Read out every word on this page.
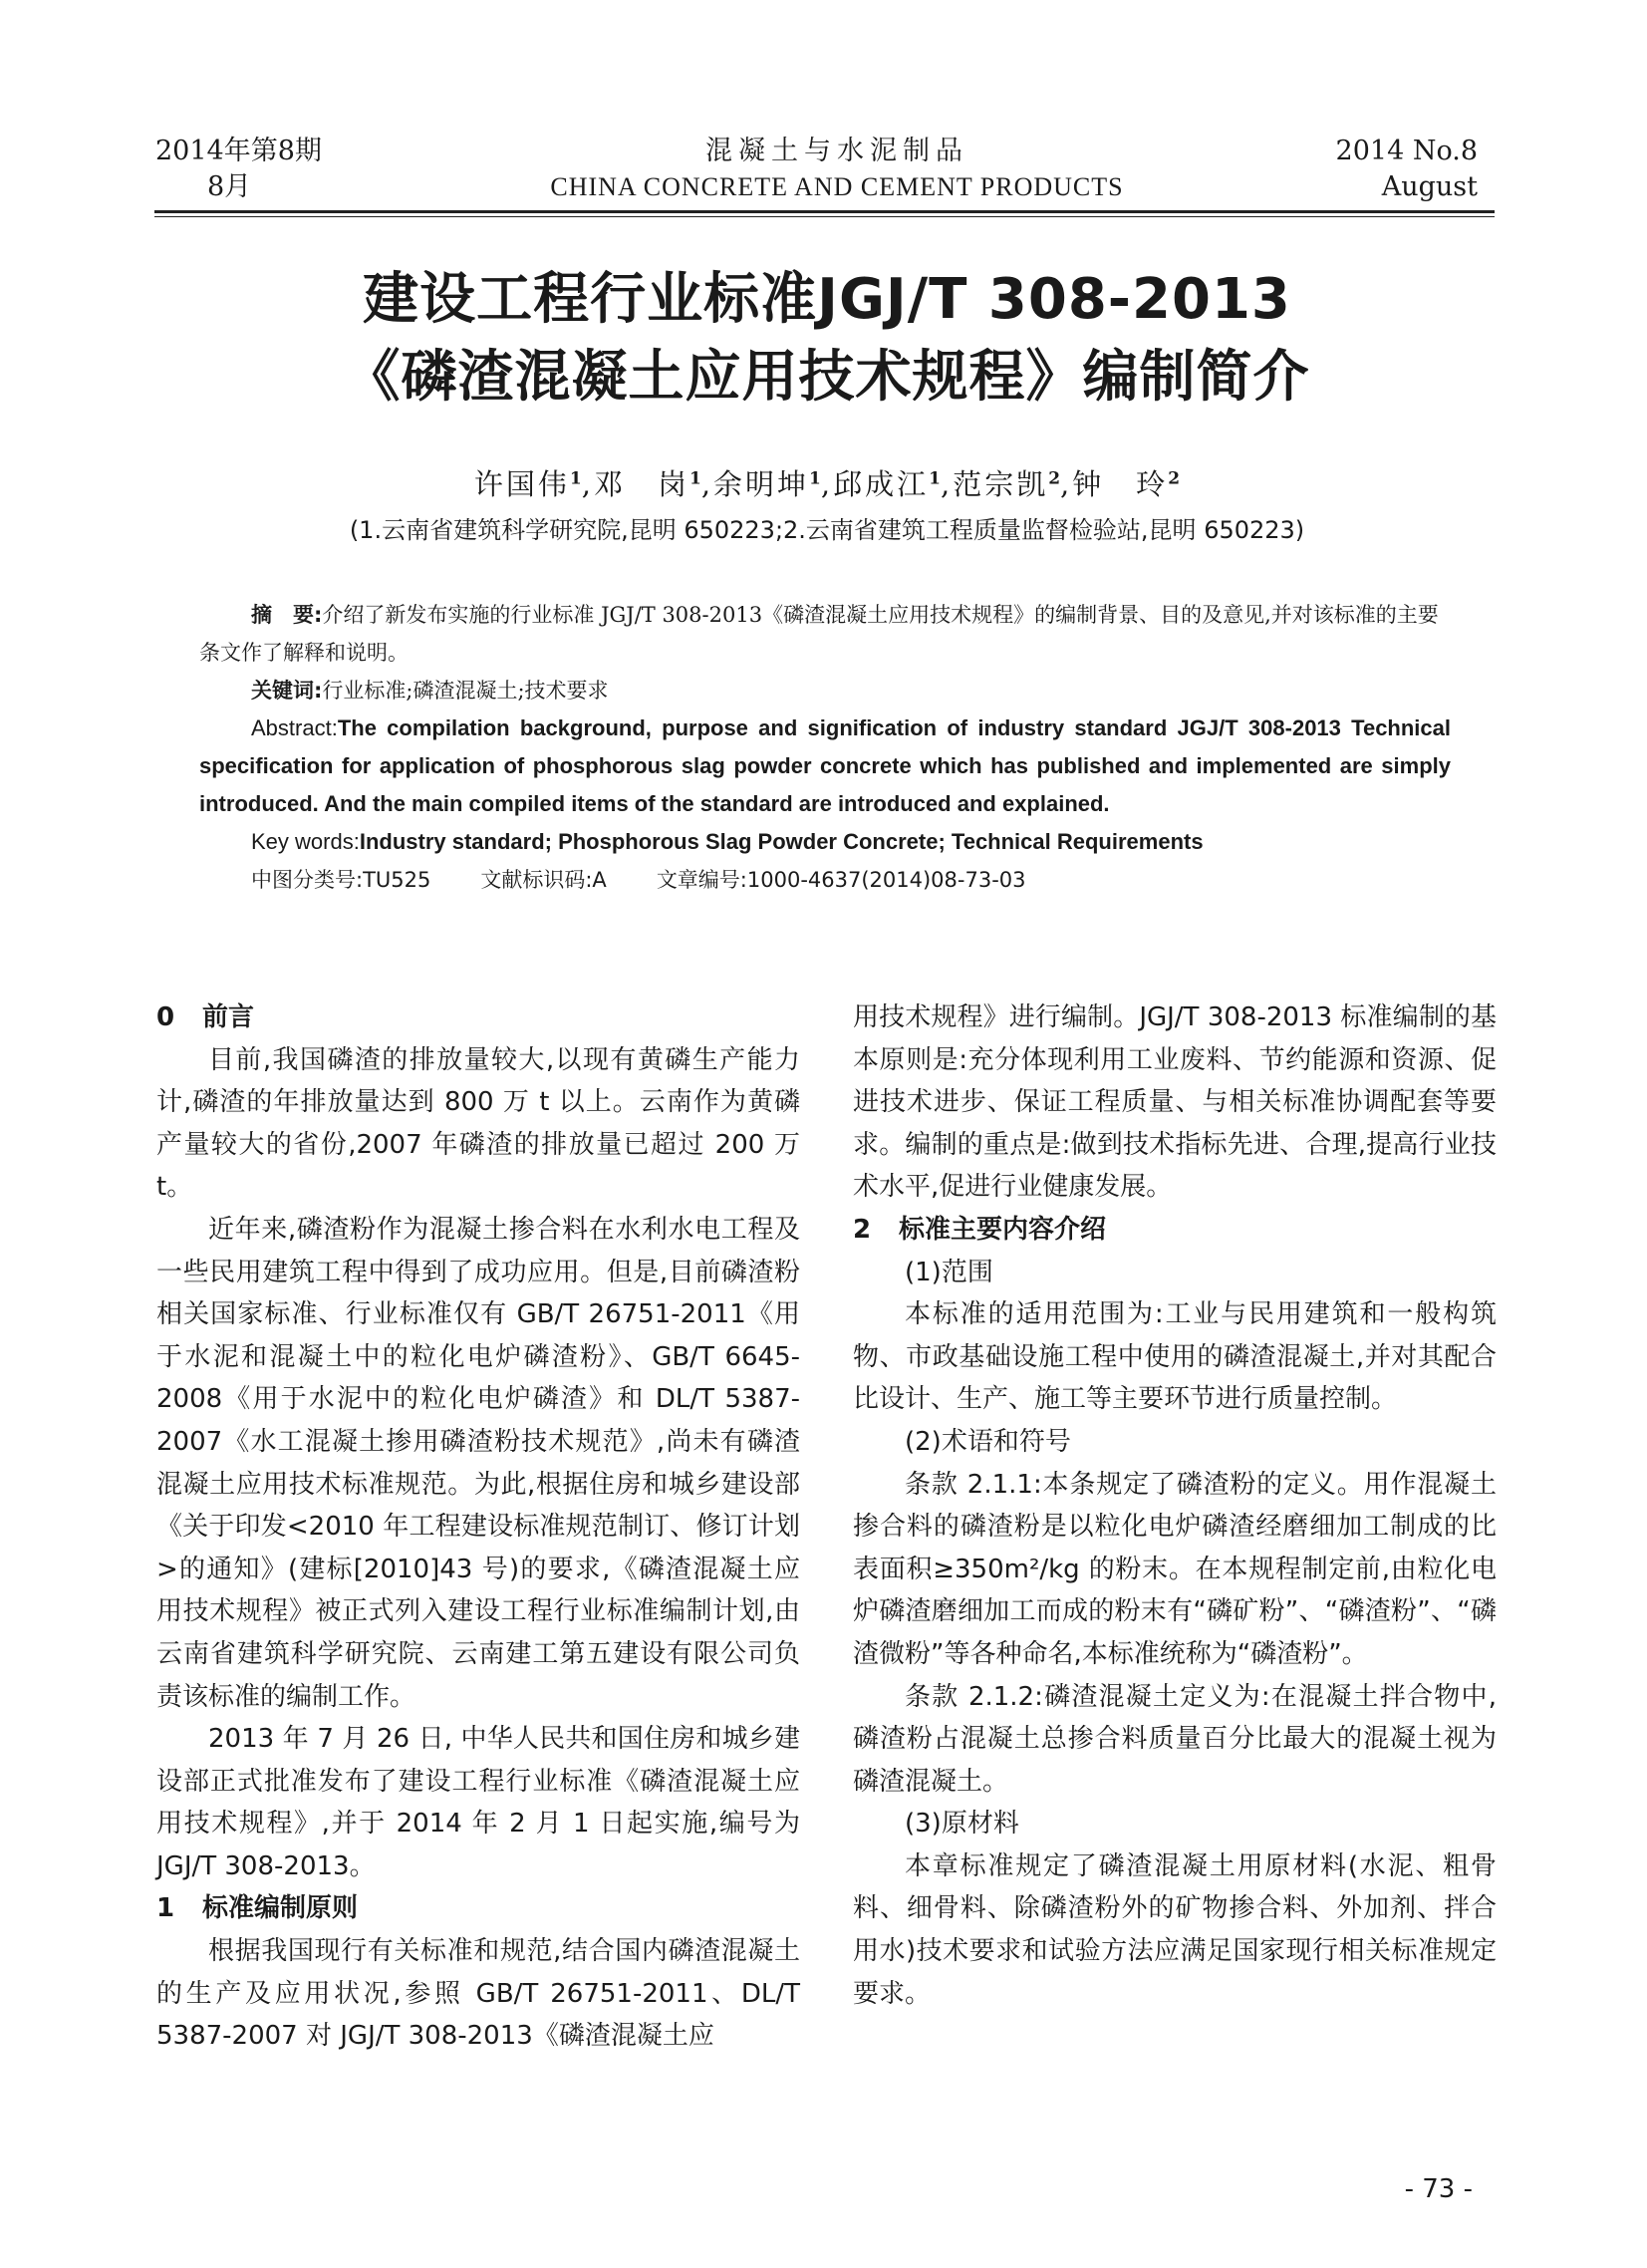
2014年第8期
8月
混凝土与水泥制品
CHINA CONCRETE AND CEMENT PRODUCTS
2014 No.8
August
建设工程行业标准JGJ/T 308-2013
《磷渣混凝土应用技术规程》编制简介
许国伟$^1$,邓　岗$^1$,余明坤$^1$,邱成江$^1$,范宗凯$^2$,钟　玲$^2$
(1.云南省建筑科学研究院,昆明 650223;2.云南省建筑工程质量监督检验站,昆明 650223)

摘　要:介绍了新发布实施的行业标准 JGJ/T 308-2013《磷渣混凝土应用技术规程》的编制背景、目的及意见,并对该标准的主要条文作了解释和说明。

关键词:行业标准;磷渣混凝土;技术要求

Abstract:The compilation background, purpose and signification of industry standard JGJ/T 308-2013 Technical specification for application of phosphorous slag powder concrete which has published and implemented are simply introduced. And the main compiled items of the standard are introduced and explained.

Key words:Industry standard; Phosphorous Slag Powder Concrete; Technical Requirements

中图分类号:TU525 文献标识码:A 文章编号:1000-4637(2014)08-73-03

0 前言

目前,我国磷渣的排放量较大,以现有黄磷生产能力计,磷渣的年排放量达到 800 万 t 以上。云南作为黄磷产量较大的省份,2007 年磷渣的排放量已超过 200 万 t。

近年来,磷渣粉作为混凝土掺合料在水利水电工程及一些民用建筑工程中得到了成功应用。但是,目前磷渣粉相关国家标准、行业标准仅有 GB/T 26751-2011《用于水泥和混凝土中的粒化电炉磷渣粉》、GB/T 6645-2008《用于水泥中的粒化电炉磷渣》和 DL/T 5387-2007《水工混凝土掺用磷渣粉技术规范》,尚未有磷渣混凝土应用技术标准规范。为此,根据住房和城乡建设部《关于印发<2010 年工程建设标准规范制订、修订计划>的通知》(建标[2010]43 号)的要求,《磷渣混凝土应用技术规程》被正式列入建设工程行业标准编制计划,由云南省建筑科学研究院、云南建工第五建设有限公司负责该标准的编制工作。

2013 年 7 月 26 日, 中华人民共和国住房和城乡建设部正式批准发布了建设工程行业标准《磷渣混凝土应用技术规程》,并于 2014 年 2 月 1 日起实施,编号为 JGJ/T 308-2013。

1 标准编制原则

根据我国现行有关标准和规范,结合国内磷渣混凝土的生产及应用状况,参照 GB/T 26751-2011、DL/T 5387-2007 对 JGJ/T 308-2013《磷渣混凝土应

用技术规程》进行编制。JGJ/T 308-2013 标准编制的基本原则是:充分体现利用工业废料、节约能源和资源、促进技术进步、保证工程质量、与相关标准协调配套等要求。编制的重点是:做到技术指标先进、合理,提高行业技术水平,促进行业健康发展。

2 标准主要内容介绍

(1)范围

本标准的适用范围为:工业与民用建筑和一般构筑物、市政基础设施工程中使用的磷渣混凝土,并对其配合比设计、生产、施工等主要环节进行质量控制。

(2)术语和符号

条款 2.1.1:本条规定了磷渣粉的定义。用作混凝土掺合料的磷渣粉是以粒化电炉磷渣经磨细加工制成的比表面积≥350m²/kg 的粉末。在本规程制定前,由粒化电炉磷渣磨细加工而成的粉末有“磷矿粉”、“磷渣粉”、“磷渣微粉”等各种命名,本标准统称为“磷渣粉”。

条款 2.1.2:磷渣混凝土定义为:在混凝土拌合物中,磷渣粉占混凝土总掺合料质量百分比最大的混凝土视为磷渣混凝土。

(3)原材料

本章标准规定了磷渣混凝土用原材料(水泥、粗骨料、细骨料、除磷渣粉外的矿物掺合料、外加剂、拌合用水)技术要求和试验方法应满足国家现行相关标准规定要求。

- 73 -
